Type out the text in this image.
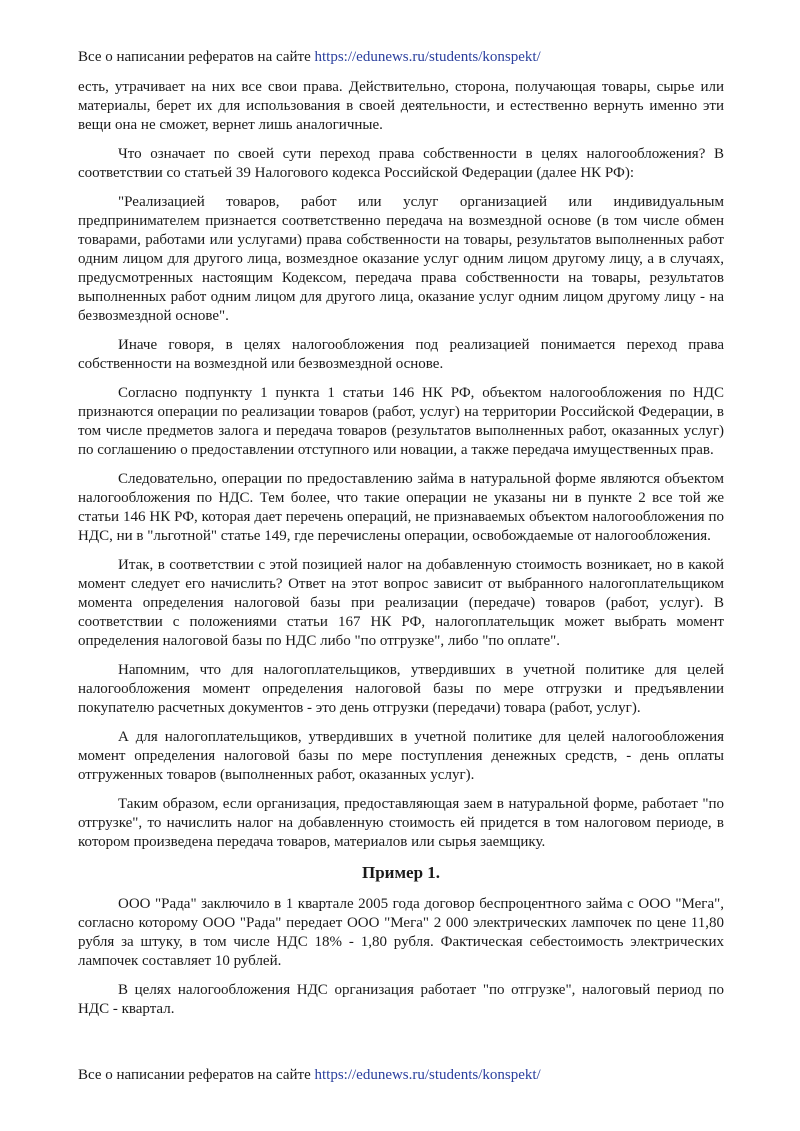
Все о написании рефератов на сайте https://edunews.ru/students/konspekt/

есть, утрачивает на них все свои права. Действительно, сторона, получающая товары, сырье или материалы, берет их для использования в своей деятельности, и естественно вернуть именно эти вещи она не сможет, вернет лишь аналогичные.

Что означает по своей сути переход права собственности в целях налогообложения? В соответствии со статьей 39 Налогового кодекса Российской Федерации (далее НК РФ):

"Реализацией товаров, работ или услуг организацией или индивидуальным предпринимателем признается соответственно передача на возмездной основе (в том числе обмен товарами, работами или услугами) права собственности на товары, результатов выполненных работ одним лицом для другого лица, возмездное оказание услуг одним лицом другому лицу, а в случаях, предусмотренных настоящим Кодексом, передача права собственности на товары, результатов выполненных работ одним лицом для другого лица, оказание услуг одним лицом другому лицу - на безвозмездной основе".

Иначе говоря, в целях налогообложения под реализацией понимается переход права собственности на возмездной или безвозмездной основе.

Согласно подпункту 1 пункта 1 статьи 146 НК РФ, объектом налогообложения по НДС признаются операции по реализации товаров (работ, услуг) на территории Российской Федерации, в том числе предметов залога и передача товаров (результатов выполненных работ, оказанных услуг) по соглашению о предоставлении отступного или новации, а также передача имущественных прав.

Следовательно, операции по предоставлению займа в натуральной форме являются объектом налогообложения по НДС. Тем более, что такие операции не указаны ни в пункте 2 все той же статьи 146 НК РФ, которая дает перечень операций, не признаваемых объектом налогообложения по НДС, ни в "льготной" статье 149, где перечислены операции, освобождаемые от налогообложения.

Итак, в соответствии с этой позицией налог на добавленную стоимость возникает, но в какой момент следует его начислить? Ответ на этот вопрос зависит от выбранного налогоплательщиком момента определения налоговой базы при реализации (передаче) товаров (работ, услуг). В соответствии с положениями статьи 167 НК РФ, налогоплательщик может выбрать момент определения налоговой базы по НДС либо "по отгрузке", либо "по оплате".

Напомним, что для налогоплательщиков, утвердивших в учетной политике для целей налогообложения момент определения налоговой базы по мере отгрузки и предъявлении покупателю расчетных документов - это день отгрузки (передачи) товара (работ, услуг).

А для налогоплательщиков, утвердивших в учетной политике для целей налогообложения момент определения налоговой базы по мере поступления денежных средств, - день оплаты отгруженных товаров (выполненных работ, оказанных услуг).

Таким образом, если организация, предоставляющая заем в натуральной форме, работает "по отгрузке", то начислить налог на добавленную стоимость ей придется в том налоговом периоде, в котором произведена передача товаров, материалов или сырья заемщику.

Пример 1.

ООО "Рада" заключило в 1 квартале 2005 года договор беспроцентного займа с ООО "Мега", согласно которому ООО "Рада" передает ООО "Мега" 2 000 электрических лампочек по цене 11,80 рубля за штуку, в том числе НДС 18% - 1,80 рубля. Фактическая себестоимость электрических лампочек составляет 10 рублей.

В целях налогообложения НДС организация работает "по отгрузке", налоговый период по НДС - квартал.

Все о написании рефератов на сайте https://edunews.ru/students/konspekt/
